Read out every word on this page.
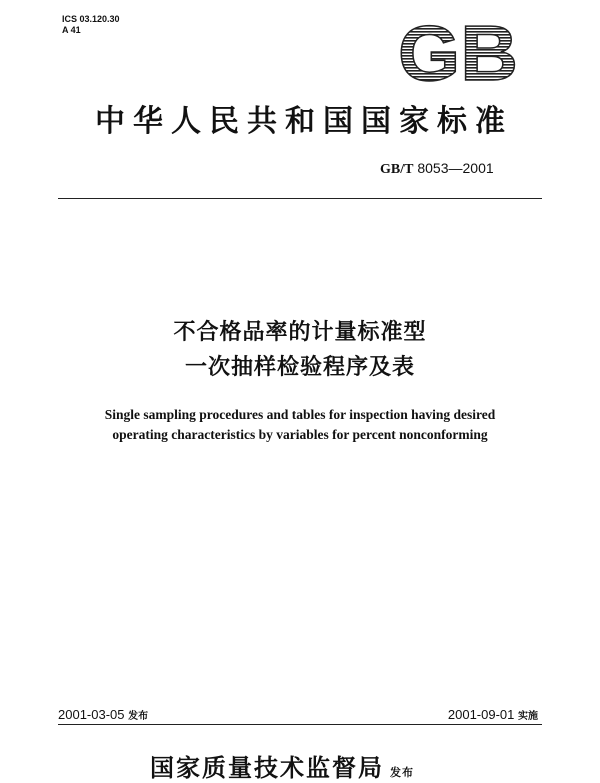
ICS 03.120.30
A 41	GB
中华人民共和国国家标准
GB/T 8053—2001
不合格品率的计量标准型
一次抽样检验程序及表
Single sampling procedures and tables for inspection having desired
operating characteristics by variables for percent nonconforming
2001-03-05 发布	2001-09-01 实施
国家质量技术监督局 发布
